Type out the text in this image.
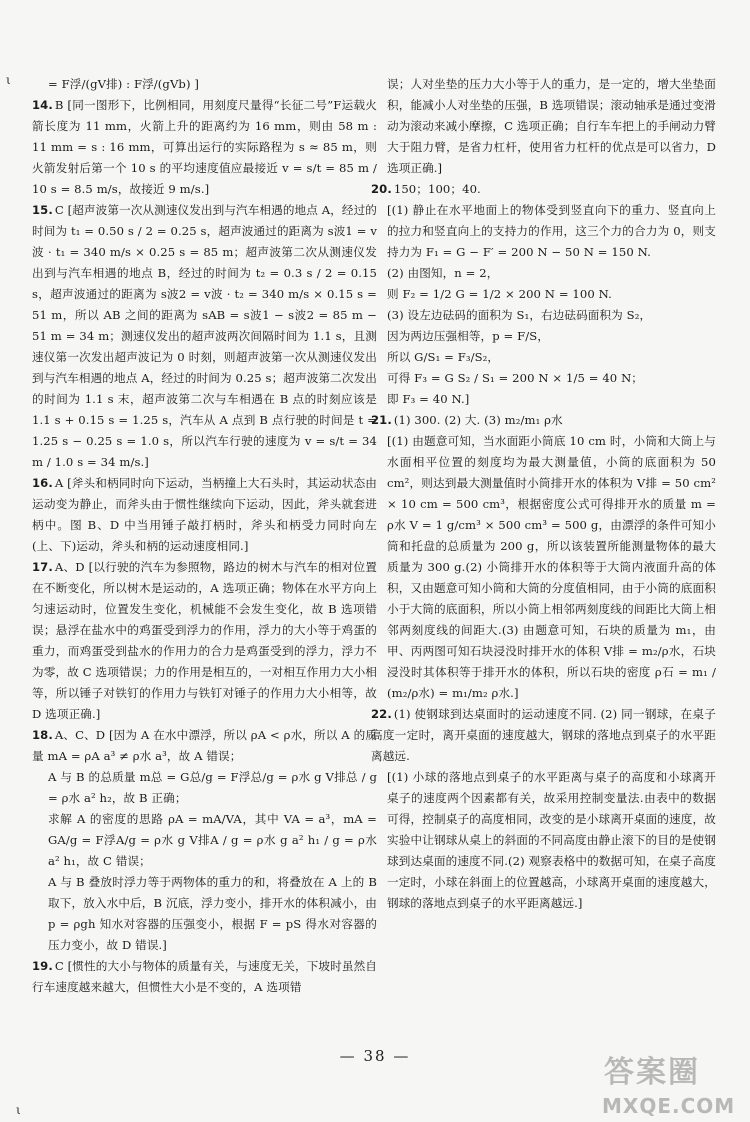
= F浮/(gV排) : F浮/(gVb) ]

14. B [同一图形下，比例相同，用刻度尺量得“长征二号”F运载火箭长度为 11 mm，火箭上升的距离约为 16 mm，则由 58 m : 11 mm = s : 16 mm，可算出运行的实际路程为 s ≈ 85 m，则火箭发射后第一个 10 s 的平均速度值应最接近 v = s/t = 85 m / 10 s = 8.5 m/s，故接近 9 m/s.]

15. C [超声波第一次从测速仪发出到与汽车相遇的地点 A，经过的时间为 t₁ = 0.50 s / 2 = 0.25 s，超声波通过的距离为 s波1 = v波 · t₁ = 340 m/s × 0.25 s = 85 m；超声波第二次从测速仪发出到与汽车相遇的地点 B，经过的时间为 t₂ = 0.3 s / 2 = 0.15 s，超声波通过的距离为 s波2 = v波 · t₂ = 340 m/s × 0.15 s = 51 m，所以 AB 之间的距离为 sAB = s波1 − s波2 = 85 m − 51 m = 34 m；测速仪发出的超声波两次间隔时间为 1.1 s，且测速仪第一次发出超声波记为 0 时刻，则超声波第一次从测速仪发出到与汽车相遇的地点 A，经过的时间为 0.25 s；超声波第二次发出的时间为 1.1 s 末，超声波第二次与车相遇在 B 点的时刻应该是 1.1 s + 0.15 s = 1.25 s，汽车从 A 点到 B 点行驶的时间是 t = 1.25 s − 0.25 s = 1.0 s，所以汽车行驶的速度为 v = s/t = 34 m / 1.0 s = 34 m/s.]

16. A [斧头和柄同时向下运动，当柄撞上大石头时，其运动状态由运动变为静止，而斧头由于惯性继续向下运动，因此，斧头就套进柄中。图 B、D 中当用锤子敲打柄时，斧头和柄受力同时向左(上、下)运动，斧头和柄的运动速度相同.]

17. A、D [以行驶的汽车为参照物，路边的树木与汽车的相对位置在不断变化，所以树木是运动的，A 选项正确；物体在水平方向上匀速运动时，位置发生变化，机械能不会发生变化，故 B 选项错误；悬浮在盐水中的鸡蛋受到浮力的作用，浮力的大小等于鸡蛋的重力，而鸡蛋受到盐水的作用力的合力是鸡蛋受到的浮力，浮力不为零，故 C 选项错误；力的作用是相互的，一对相互作用力大小相等，所以锤子对铁钉的作用力与铁钉对锤子的作用力大小相等，故 D 选项正确.]

18. A、C、D [因为 A 在水中漂浮，所以 ρA < ρ水，所以 A 的质量 mA = ρA a³ ≠ ρ水 a³，故 A 错误；

A 与 B 的总质量 m总 = G总/g = F浮总/g = ρ水 g V排总 / g = ρ水 a² h₂，故 B 正确；

求解 A 的密度的思路 ρA = mA/VA，其中 VA = a³，mA = GA/g = F浮A/g = ρ水 g V排A / g = ρ水 g a² h₁ / g = ρ水 a² h₁，故 C 错误；

A 与 B 叠放时浮力等于两物体的重力的和，将叠放在 A 上的 B 取下，放入水中后，B 沉底，浮力变小，排开水的体积减小，由 p = ρgh 知水对容器的压强变小，根据 F = pS 得水对容器的压力变小，故 D 错误.]

19. C [惯性的大小与物体的质量有关，与速度无关，下坡时虽然自行车速度越来越大，但惯性大小是不变的，A 选项错

误；人对坐垫的压力大小等于人的重力，是一定的，增大坐垫面积，能减小人对坐垫的压强，B 选项错误；滚动轴承是通过变滑动为滚动来减小摩擦，C 选项正确；自行车车把上的手闸动力臂大于阻力臂，是省力杠杆，使用省力杠杆的优点是可以省力，D 选项正确.]

20. 150；100；40.

[(1) 静止在水平地面上的物体受到竖直向下的重力、竖直向上的拉力和竖直向上的支持力的作用，这三个力的合力为 0，则支持力为 F₁ = G − F′ = 200 N − 50 N = 150 N.

(2) 由图知，n = 2，

则 F₂ = 1/2 G = 1/2 × 200 N = 100 N.

(3) 设左边砝码的面积为 S₁，右边砝码面积为 S₂，

因为两边压强相等，p = F/S，

所以 G/S₁ = F₃/S₂，

可得 F₃ = G S₂ / S₁ = 200 N × 1/5 = 40 N；

即 F₃ = 40 N.]

21. (1) 300. (2) 大. (3) m₂/m₁ ρ水

[(1) 由题意可知，当水面距小筒底 10 cm 时，小筒和大筒上与水面相平位置的刻度均为最大测量值，小筒的底面积为 50 cm²，则达到最大测量值时小筒排开水的体积为 V排 = 50 cm² × 10 cm = 500 cm³，根据密度公式可得排开水的质量 m = ρ水 V = 1 g/cm³ × 500 cm³ = 500 g，由漂浮的条件可知小筒和托盘的总质量为 200 g，所以该装置所能测量物体的最大质量为 300 g.(2) 小筒排开水的体积等于大筒内液面升高的体积，又由题意可知小筒和大筒的分度值相同，由于小筒的底面积小于大筒的底面积，所以小筒上相邻两刻度线的间距比大筒上相邻两刻度线的间距大.(3) 由题意可知，石块的质量为 m₁，由甲、丙两图可知石块浸没时排开水的体积 V排 = m₂/ρ水，石块浸没时其体积等于排开水的体积，所以石块的密度 ρ石 = m₁ / (m₂/ρ水) = m₁/m₂ ρ水.]

22. (1) 使钢球到达桌面时的运动速度不同. (2) 同一钢球，在桌子高度一定时，离开桌面的速度越大，钢球的落地点到桌子的水平距离越远.

[(1) 小球的落地点到桌子的水平距离与桌子的高度和小球离开桌子的速度两个因素都有关，故采用控制变量法.由表中的数据可得，控制桌子的高度相同，改变的是小球离开桌面的速度，故实验中让钢球从桌上的斜面的不同高度由静止滚下的目的是使钢球到达桌面的速度不同.(2) 观察表格中的数据可知，在桌子高度一定时，小球在斜面上的位置越高，小球离开桌面的速度越大，钢球的落地点到桌子的水平距离越远.]

ι
ι
— 38 —	答案圈
MXQE.COM
